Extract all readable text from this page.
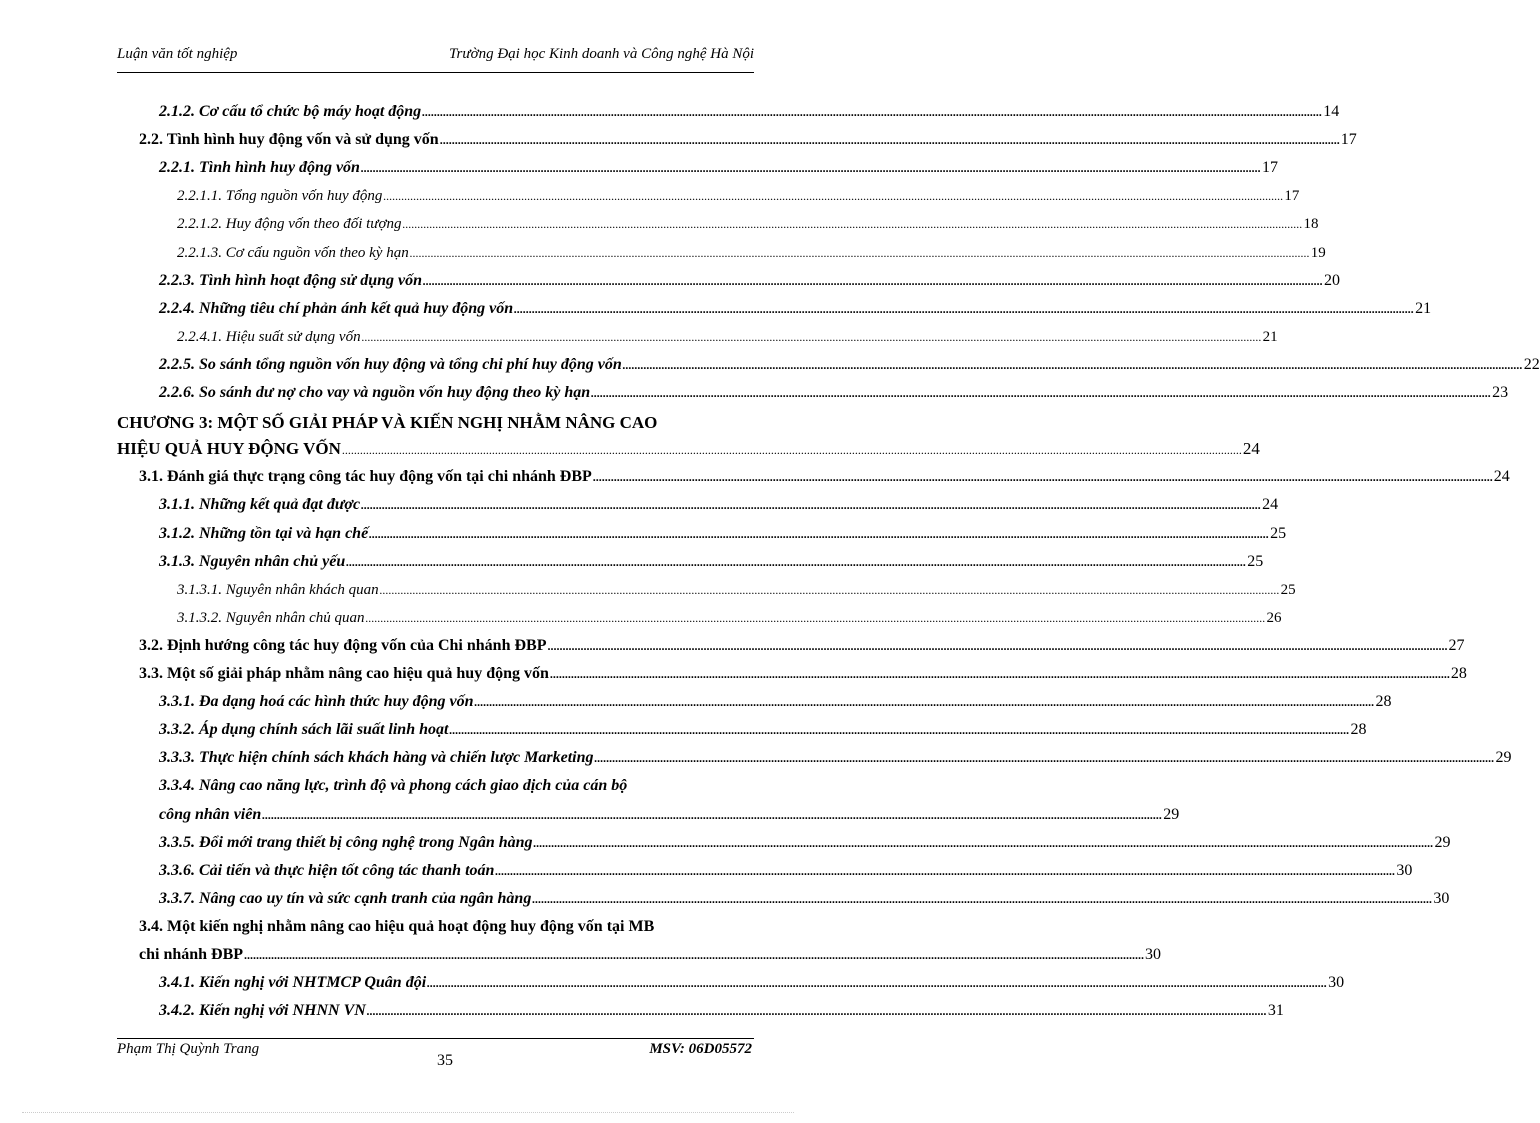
Luận văn tốt nghiệp	Trường Đại học Kinh doanh và Công nghệ Hà Nội
2.1.2. Cơ cấu tổ chức bộ máy hoạt động ............................................................................................................................................................................................................................................................................................................ 14
2.2. Tình hình huy động vốn và sử dụng vốn ............................................................................................................................................................................................................................................................................................................ 17
2.2.1. Tình hình huy động vốn ............................................................................................................................................................................................................................................................................................................ 17
2.2.1.1. Tổng nguồn vốn huy động ............................................................................................................................................................................................................................................................................................................ 17
2.2.1.2. Huy động vốn theo đối tượng ............................................................................................................................................................................................................................................................................................................ 18
2.2.1.3. Cơ cấu nguồn vốn theo kỳ hạn ............................................................................................................................................................................................................................................................................................................ 19
2.2.3. Tình hình hoạt động sử dụng vốn ............................................................................................................................................................................................................................................................................................................ 20
2.2.4. Những tiêu chí phản ánh kết quả huy động vốn ............................................................................................................................................................................................................................................................................................................ 21
2.2.4.1. Hiệu suất sử dụng vốn ............................................................................................................................................................................................................................................................................................................ 21
2.2.5. So sánh tổng nguồn vốn huy động và tổng chi phí huy động vốn ............................................................................................................................................................................................................................................................................................................ 22
2.2.6. So sánh dư nợ cho vay và nguồn vốn huy động theo kỳ hạn ............................................................................................................................................................................................................................................................................................................ 23
CHƯƠNG 3: MỘT SỐ GIẢI PHÁP VÀ KIẾN NGHỊ NHẰM NÂNG CAO
HIỆU QUẢ HUY ĐỘNG VỐN ............................................................................................................................................................................................................................................................................................................ 24
3.1. Đánh giá thực trạng công tác huy động vốn tại chi nhánh ĐBP ............................................................................................................................................................................................................................................................................................................ 24
3.1.1. Những kết quả đạt được ............................................................................................................................................................................................................................................................................................................ 24
3.1.2. Những tồn tại và hạn chế ............................................................................................................................................................................................................................................................................................................ 25
3.1.3. Nguyên nhân chủ yếu ............................................................................................................................................................................................................................................................................................................ 25
3.1.3.1. Nguyên nhân khách quan ............................................................................................................................................................................................................................................................................................................ 25
3.1.3.2. Nguyên nhân chủ quan ............................................................................................................................................................................................................................................................................................................ 26
3.2. Định hướng công tác huy động vốn của Chi nhánh ĐBP ............................................................................................................................................................................................................................................................................................................ 27
3.3. Một số giải pháp nhằm nâng cao hiệu quả huy động vốn ............................................................................................................................................................................................................................................................................................................ 28
3.3.1. Đa dạng hoá các hình thức huy động vốn ............................................................................................................................................................................................................................................................................................................ 28
3.3.2. Áp dụng chính sách lãi suất linh hoạt ............................................................................................................................................................................................................................................................................................................ 28
3.3.3. Thực hiện chính sách khách hàng và chiến lược Marketing ............................................................................................................................................................................................................................................................................................................ 29
3.3.4. Nâng cao năng lực, trình độ và phong cách giao dịch của cán bộ
công nhân viên ............................................................................................................................................................................................................................................................................................................ 29
3.3.5. Đổi mới trang thiết bị công nghệ trong Ngân hàng ............................................................................................................................................................................................................................................................................................................ 29
3.3.6. Cải tiến và thực hiện tốt công tác thanh toán ............................................................................................................................................................................................................................................................................................................ 30
3.3.7. Nâng cao uy tín và sức cạnh tranh của ngân hàng ............................................................................................................................................................................................................................................................................................................ 30
3.4. Một kiến nghị nhằm nâng cao hiệu quả hoạt động huy động vốn tại MB
chi nhánh ĐBP ............................................................................................................................................................................................................................................................................................................ 30
3.4.1. Kiến nghị với NHTMCP Quân đội ............................................................................................................................................................................................................................................................................................................ 30
3.4.2. Kiến nghị với NHNN VN ............................................................................................................................................................................................................................................................................................................ 31
Phạm Thị Quỳnh Trang
35
MSV: 06D05572
